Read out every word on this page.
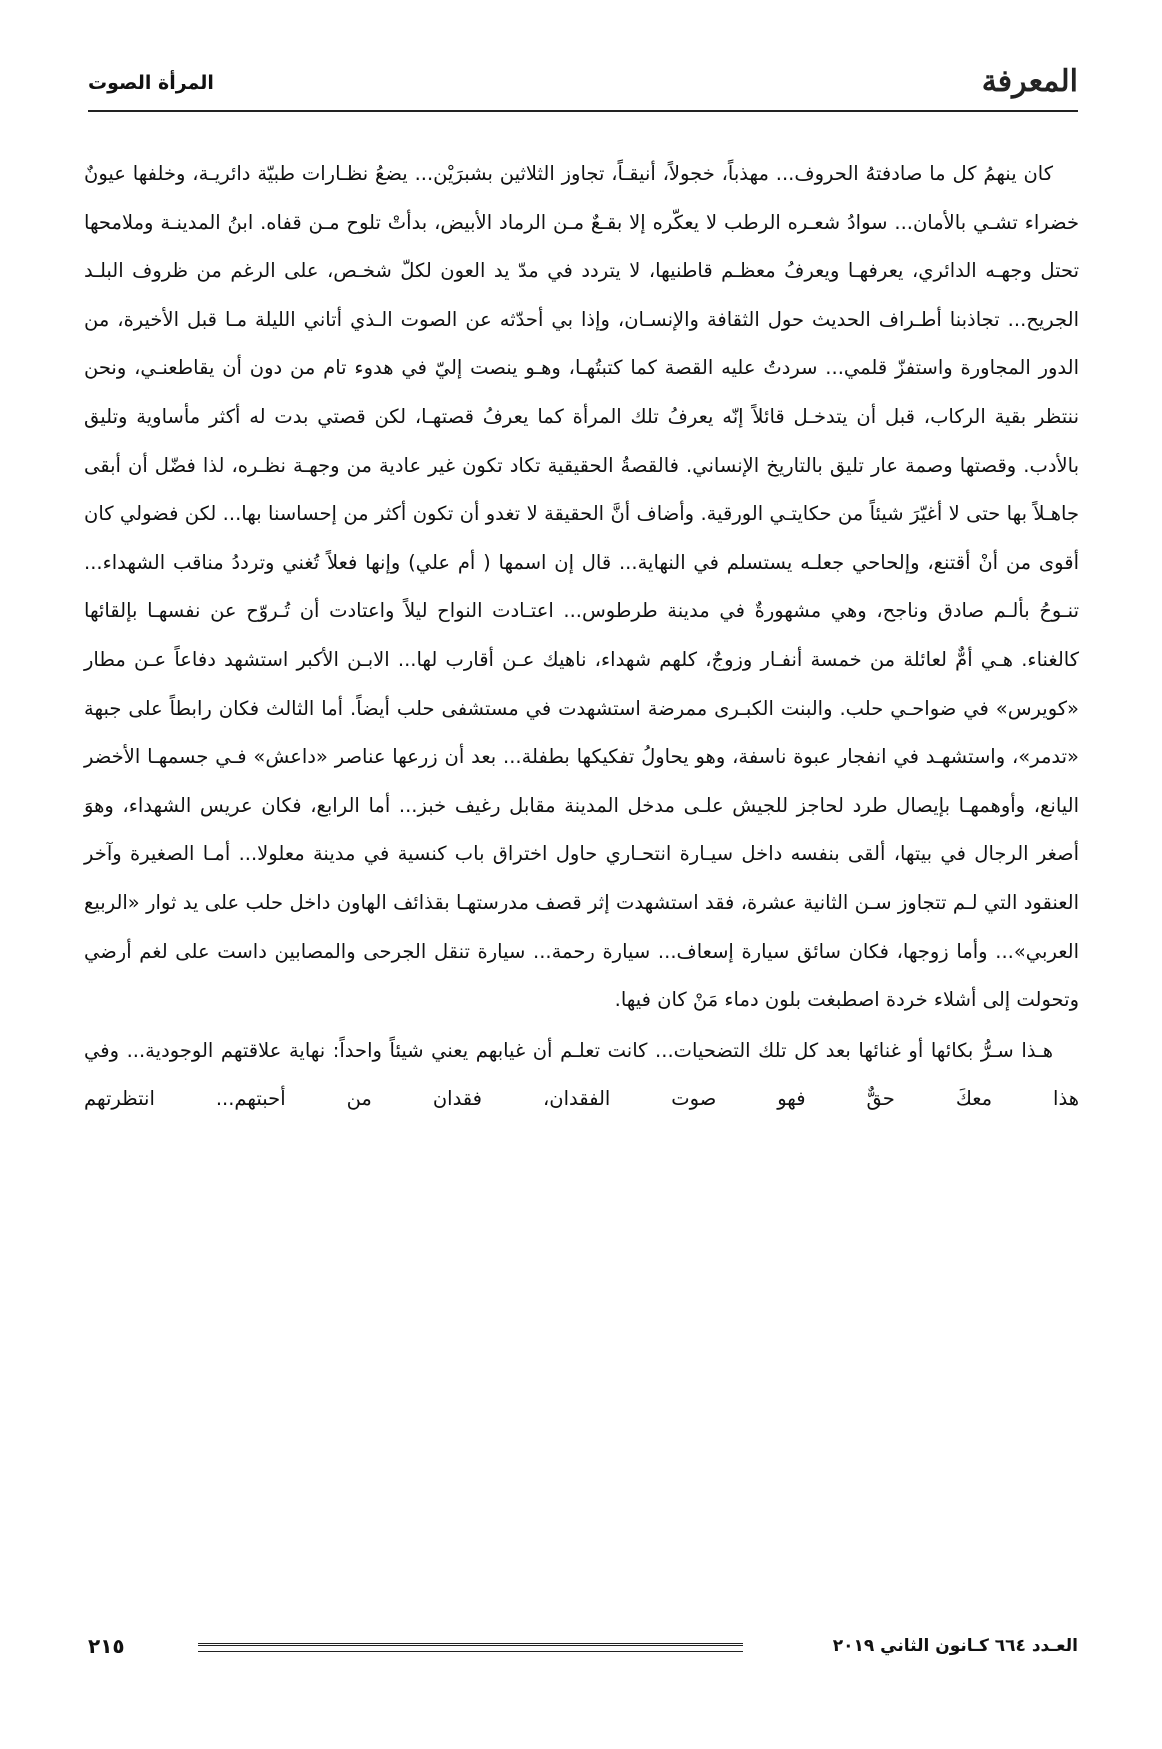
المعرفة
المرأة الصوت

كان ينهمُ كل ما صادفتهُ الحروف... مهذباً، خجولاً، أنيقـاً، تجاوز الثلاثين بشبرَيْن... يضعُ نظـارات طبيّة دائريـة، وخلفها عيونٌ خضراء تشـي بالأمان... سوادُ شعـره الرطب لا يعكّره إلا بقـعٌ مـن الرماد الأبيض، بدأتْ تلوح مـن قفاه. ابنُ المدينـة وملامحها تحتل وجهـه الدائري، يعرفهـا ويعرفُ معظـم قاطنيها، لا يتردد في مدّ يد العون لكلّ شخـص، على الرغم من ظروف البلـد الجريح... تجاذبنا أطـراف الحديث حول الثقافة والإنسـان، وإذا بي أحدّثه عن الصوت الـذي أتاني الليلة مـا قبل الأخيرة، من الدور المجاورة واستفزّ قلمي... سردتُ عليه القصة كما كتبتُهـا، وهـو ينصت إليّ في هدوء تام من دون أن يقاطعنـي، ونحن ننتظر بقية الركاب، قبل أن يتدخـل قائلاً إنّه يعرفُ تلك المرأة كما يعرفُ قصتهـا، لكن قصتي بدت له أكثر مأساوية وتليق بالأدب. وقصتها وصمة عار تليق بالتاريخ الإنساني. فالقصةُ الحقيقية تكاد تكون غير عادية من وجهـة نظـره، لذا فضّل أن أبقى جاهـلاً بها حتى لا أغيّرَ شيئاً من حكايتـي الورقية. وأضاف أنَّ الحقيقة لا تغدو أن تكون أكثر من إحساسنا بها... لكن فضولي كان أقوى من أنْ أقتنع، وإلحاحي جعلـه يستسلم في النهاية... قال إن اسمها ( أم علي) وإنها فعلاً تُغني وترددُ مناقب الشهداء... تنـوحُ بألـم صادق وناجح، وهي مشهورةٌ في مدينة طرطوس... اعتـادت النواح ليلاً واعتادت أن تُـروّح عن نفسهـا بإلقائها كالغناء. هـي أمٌّ لعائلة من خمسة أنفـار وزوجٌ، كلهم شهداء، ناهيك عـن أقارب لها... الابـن الأكبر استشهد دفاعاً عـن مطار «كويرس» في ضواحـي حلب. والبنت الكبـرى ممرضة استشهدت في مستشفى حلب أيضاً. أما الثالث فكان رابطاً على جبهة «تدمر»، واستشهـد في انفجار عبوة ناسفة، وهو يحاولُ تفكيكها بطفلة... بعد أن زرعها عناصر «داعش» فـي جسمهـا الأخضر اليانع، وأوهمهـا بإيصال طرد لحاجز للجيش علـى مدخل المدينة مقابل رغيف خبز... أما الرابع، فكان عريس الشهداء، وهوَ أصغر الرجال في بيتها، ألقى بنفسه داخل سيـارة انتحـاري حاول اختراق باب كنسية في مدينة معلولا... أمـا الصغيرة وآخر العنقود التي لـم تتجاوز سـن الثانية عشرة، فقد استشهدت إثر قصف مدرستهـا بقذائف الهاون داخل حلب على يد ثوار «الربيع العربي»... وأما زوجها، فكان سائق سيارة إسعاف... سيارة رحمة... سيارة تنقل الجرحى والمصابين داست على لغم أرضي وتحولت إلى أشلاء خردة اصطبغت بلون دماء مَنْ كان فيها.

هـذا سـرُّ بكائها أو غنائها بعد كل تلك التضحيات... كانت تعلـم أن غيابهم يعني شيئاً واحداً: نهاية علاقتهم الوجودية... وفي هذا معكَ حقٌّ فهو صوت الفقدان، فقدان من أحبتهم... انتظرتهم

العـدد ٦٦٤ كـانون الثاني ٢٠١٩
٢١٥
